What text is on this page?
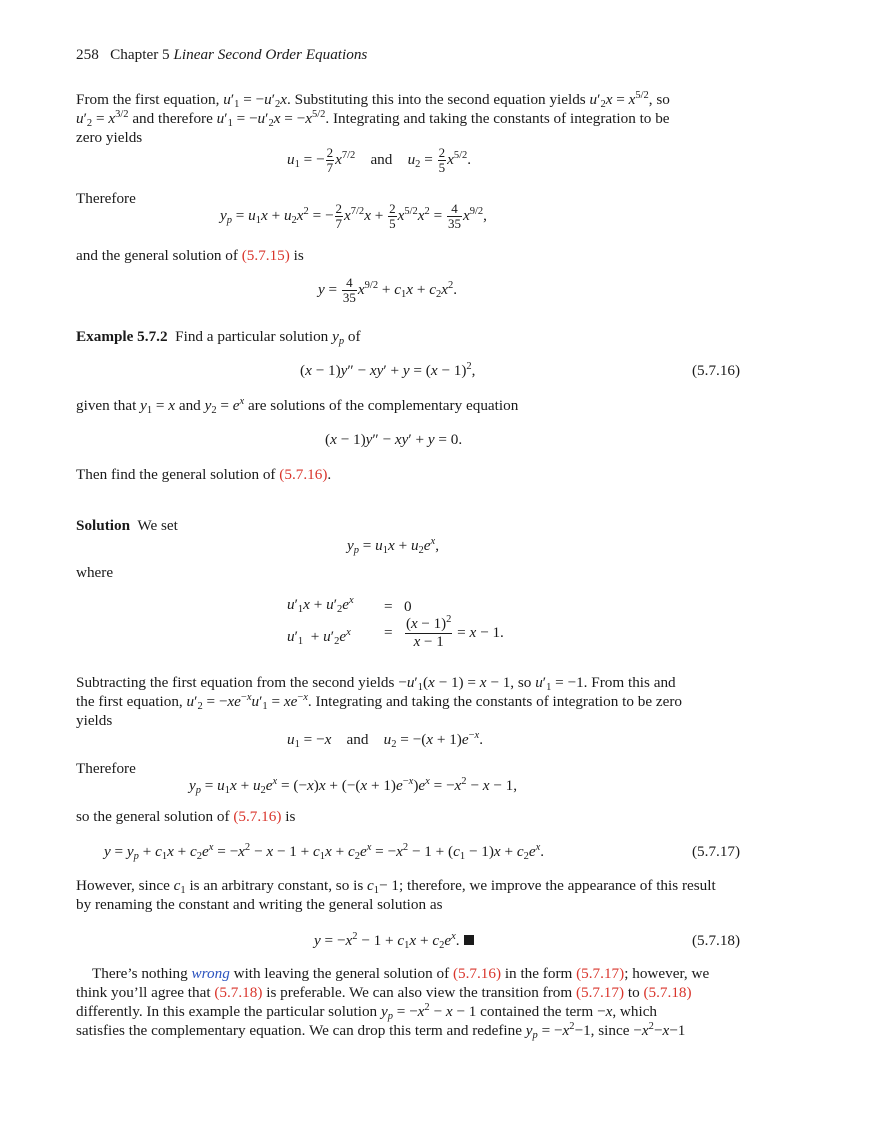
258 Chapter 5 Linear Second Order Equations
From the first equation, $u'_1 = -u'_2x$. Substituting this into the second equation yields $u'_2x = x^{5/2}$, so
$u'_2 = x^{3/2}$ and therefore $u'_1 = -u'_2x = -x^{5/2}$. Integrating and taking the constants of integration to be
zero yields
$u_1$ = − $\frac{2}{7} x^{7/2}$ and $u_2 = \frac{2}{5} x^{5/2}$.
Therefore
$y_p = u_1x + u_2x^2$ = − $\frac{2}{7} x^{7/2}x + \frac{2}{5} x^{5/2}x^2 = \frac{4}{35} x^{9/2}$,
and the general solution of (5.7.15) is
$y = \frac{4}{35} x^{9/2} + c_1x + c_2x^2$.
Example 5.7.2 Find a particular solution $y_p$ of
$(x - 1)y'' - xy' + y = (x - 1)^2$,	(5.7.16)
given that $y_1 = x$ and $y_2 = e^x$ are solutions of the complementary equation
(x − 1)y″ − xy′ + y = 0.
Then find the general solution of (5.7.16).
Solution We set
$y_p = u_1x + u_2e^x$,
where
$u'_1x + u'_2e^x = 0$
$u'_1 + u'_2e^x = \frac{(x - 1)^2}{x - 1} = x - 1$.
Subtracting the first equation from the second yields $-u'_1(x - 1) = x - 1$, so $u'_1 = -1$. From this and
the first equation, $u'_2 = -xe^{-x}u'_1 = xe^{-x}$. Integrating and taking the constants of integration to be zero
yields
$u_1 = -x$ and $u_2 = -(x + 1)e^{-x}$.
Therefore
$y_p = u_1x + u_2e^x = (-x)x + (-(x + 1)e^{-x})e^x = -x^2 - x - 1$,
so the general solution of (5.7.16) is
$y = y_p + c_1x + c_2e^x = -x^2 - x - 1 + c_1x + c_2e^x = -x^2 - 1 + (c_1 - 1)x + c_2e^x$.	(5.7.17)
However, since $c_1$ is an arbitrary constant, so is $c_1- 1$; therefore, we improve the appearance of this result
by renaming the constant and writing the general solution as
$y = -x^2 - 1 + c_1x + c_2e^x$.	(5.7.18)
There’s nothing wrong with leaving the general solution of (5.7.16) in the form (5.7.17); however, we
think you’ll agree that (5.7.18) is preferable. We can also view the transition from (5.7.17) to (5.7.18)
differently. In this example the particular solution $y_p = -x^2 - x - 1$ contained the term −x, which
satisfies the complementary equation. We can drop this term and redefine $y_p = -x^2-1$, since $-x^2-x-1$
